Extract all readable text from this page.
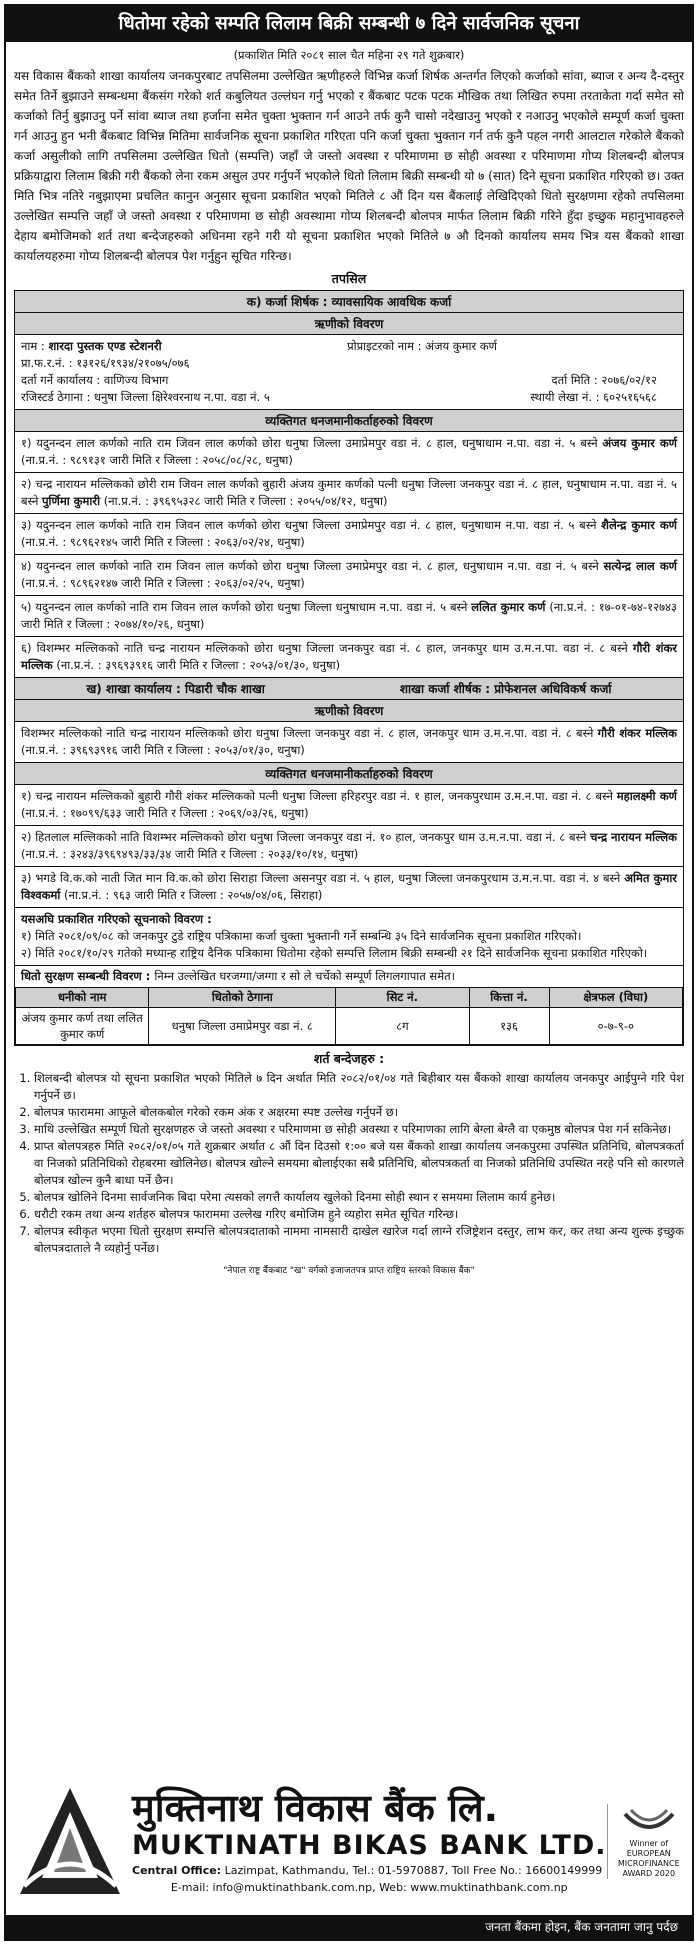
धितोमा रहेको सम्पति लिलाम बिक्री सम्बन्धी ७ दिने सार्वजनिक सूचना
(प्रकाशित मिति २०८१ साल चैत महिना २९ गते शुक्रबार)
यस विकास बैंकको शाखा कार्यालय जनकपुरबाट तपसिलमा उल्लेखित ऋणीहरुले विभिन्न कर्जा शिर्षक अन्तर्गत लिएको कर्जाको सांवा, ब्याज र अन्य दै-दस्तुर समेत तिर्ने बुझाउने सम्बन्धमा बैंकसंग गरेको शर्त कबुलियत उल्लंघन गर्नु भएको र बैंकबाट पटक पटक मौखिक तथा लिखित रुपमा तरताकेता गर्दा समेत सो कर्जाको तिर्नु बुझाउनु पर्ने सांवा ब्याज तथा हर्जाना समेत चुक्ता भुक्तान गर्न आउने तर्फ कुनै चासो नदेखाउनु भएको र नआउनु भएकोले सम्पूर्ण कर्जा चुक्ता गर्न आउनु हुन भनी बैंकबाट विभिन्न मितिमा सार्वजनिक सूचना प्रकाशित गरिएता पनि कर्जा चुक्ता भुक्तान गर्न तर्फ कुनै पहल नगरी आलटाल गरेकोले बैंकको कर्जा असुलीको लागि तपसिलमा उल्लेखित धितो (सम्पत्ति) जहाँ जे जस्तो अवस्था र परिमाणमा छ सोही अवस्था र परिमाणमा गोप्य शिलबन्दी बोलपत्र प्रक्रियाद्वारा लिलाम बिक्री गरी बैंकको लेना रकम असुल उपर गर्नुपर्ने भएकोले धितो लिलाम बिक्री सम्बन्धी यो ७ (सात) दिने सूचना प्रकाशित गरिएको छ। उक्त मिति भित्र नतिरे नबुझाएमा प्रचलित कानुन अनुसार सूचना प्रकाशित भएको मितिले ८ औं दिन यस बैंकलाई लेखिदिएको धितो सुरक्षणमा रहेको तपसिलमा उल्लेखित सम्पत्ति जहाँ जे जस्तो अवस्था र परिमाणमा छ सोही अवस्थामा गोप्य शिलबन्दी बोलपत्र मार्फत लिलाम बिक्री गरिने हुँदा इच्छुक महानुभावहरुले देहाय बमोजिमको शर्त तथा बन्देजहरुको अधिनमा रहने गरी यो सूचना प्रकाशित भएको मितिले ७ औ दिनको कार्यालय समय भित्र यस बैंकको शाखा कार्यालयहरुमा गोप्य शिलबन्दी बोलपत्र पेश गर्नुहुन सूचित गरिन्छ।
तपसिल
क) कर्जा शिर्षक : व्यावसायिक आवधिक कर्जा
ऋणीको विवरण
नाम : शारदा पुस्तक एण्ड स्टेशनरी	प्रोप्राइटरको नाम : अंजय कुमार कर्ण
प्रा.फ.र.नं. : १३१२६/१९३४/२१०७५/०७६
दर्ता गर्ने कार्यालय : वाणिज्य विभाग	दर्ता मिति : २०७६/०२/१२
रजिस्टर्ड ठेगाना : धनुषा जिल्ला क्षिरेश्वरनाथ न.पा. वडा नं. ५	स्थायी लेखा नं. : ६०२५१६५६८
व्यक्तिगत धनजमानीकर्ताहरुको विवरण
१) यदुनन्दन लाल कर्णको नाति राम जिवन लाल कर्णको छोरा धनुषा जिल्ला उमाप्रेमपुर वडा नं. ८ हाल, धनुषाधाम न.पा. वडा नं. ५ बस्ने अंजय कुमार कर्ण (ना.प्र.नं. : ९८९१३१ जारी मिति र जिल्ला : २०५८/०८/२८, धनुषा)
२) चन्द्र नारायन मल्लिकको छोरी राम जिवन लाल कर्णको बुहारी अंजय कुमार कर्णको पत्नी धनुषा जिल्ला जनकपुर वडा नं. ८ हाल, धनुषाधाम न.पा. वडा नं. ५ बस्ने पुर्णिमा कुमारी (ना.प्र.नं. : ३९६९५३२८ जारी मिति र जिल्ला : २०५५/०४/१२, धनुषा)
३) यदुनन्दन लाल कर्णको नाति राम जिवन लाल कर्णको छोरा धनुषा जिल्ला उमाप्रेमपुर वडा नं. ८ हाल, धनुषाधाम न.पा. वडा नं. ५ बस्ने शैलेन्द्र कुमार कर्ण (ना.प्र.नं. : ९८९६२१४५ जारी मिति र जिल्ला : २०६३/०२/२४, धनुषा)
४) यदुनन्दन लाल कर्णको नाति राम जिवन लाल कर्णको छोरा धनुषा जिल्ला उमाप्रेमपुर वडा नं. ८ हाल, धनुषाधाम न.पा. वडा नं. ५ बस्ने सत्येन्द्र लाल कर्ण (ना.प्र.नं. : ९८९६२१४७ जारी मिति र जिल्ला : २०६३/०२/२५, धनुषा)
५) यदुनन्दन लाल कर्णको नाति राम जिवन लाल कर्णको छोरा धनुषा जिल्ला धनुषाधाम न.पा. वडा नं. ५ बस्ने ललित कुमार कर्ण (ना.प्र.नं. : १७-०१-७४-१२७४३ जारी मिति र जिल्ला : २०७४/१०/२६, धनुषा)
६) विशम्भर मल्लिकको नाति चन्द्र नारायन मल्लिकको छोरा धनुषा जिल्ला जनकपुर वडा नं. ८ हाल, जनकपुर धाम उ.म.न.पा. वडा नं. ८ बस्ने गौरी शंकर मल्लिक (ना.प्र.नं. : ३९६९३९१६ जारी मिति र जिल्ला : २०५३/०१/३०, धनुषा)
ख) शाखा कार्यालय : पिडारी चौक शाखा	शाखा कर्जा शीर्षक : प्रोफेशनल अधिविकर्ष कर्जा
ऋणीको विवरण
विशम्भर मल्लिकको नाति चन्द्र नारायन मल्लिकको छोरा धनुषा जिल्ला जनकपुर वडा नं. ८ हाल, जनकपुर धाम उ.म.न.पा. वडा नं. ८ बस्ने गौरी शंकर मल्लिक (ना.प्र.नं. : ३९६९३९१६ जारी मिति र जिल्ला : २०५३/०१/३०, धनुषा)
व्यक्तिगत धनजमानीकर्ताहरुको विवरण
१) चन्द्र नारायन मल्लिकको बुहारी गौरी शंकर मल्लिकको पत्नी धनुषा जिल्ला हरिहरपुर वडा नं. १ हाल, जनकपुरधाम उ.म.न.पा. वडा नं. ८ बस्ने महालक्ष्मी कर्ण (ना.प्र.नं. : १७०९९/६३३ जारी मिति र जिल्ला : २०६९/०३/२६, धनुषा)
२) हितलाल मल्लिकको नाति विशम्भर मल्लिकको छोरा धनुषा जिल्ला जनकपुर वडा नं. १० हाल, जनकपुर धाम उ.म.न.पा. वडा नं. ८ बस्ने चन्द्र नारायन मल्लिक (ना.प्र.नं. : ३२४३/३९६९४९३/३३/३४ जारी मिति र जिल्ला : २०३३/१०/१४, धनुषा)
३) भगडे वि.क.को नाती जित मान वि.क.को छोरा सिराहा जिल्ला असनपुर वडा नं. ५ हाल, धनुषा जिल्ला जनकपुरधाम उ.म.न.पा. वडा नं. ४ बस्ने अमित कुमार विश्वकर्मा (ना.प्र.नं. : ९६३ जारी मिति र जिल्ला : २०५७/०४/०६, सिराहा)
यसअघि प्रकाशित गरिएको सूचनाको विवरण :
१) मिति २०८१/०९/०८ को जनकपुर टुडे राष्ट्रिय पत्रिकामा कर्जा चुक्ता भुक्तानी गर्ने सम्बन्धि ३५ दिने सार्वजनिक सूचना प्रकाशित गरिएको।
२) मिति २०८१/१०/२९ गतेको मध्यान्ह राष्ट्रिय दैनिक पत्रिकामा धितोमा रहेको सम्पत्ति लिलाम बिक्री सम्बन्धी २१ दिने सार्वजनिक सूचना प्रकाशित गरिएको।
धितो सुरक्षण सम्बन्धी विवरण : निम्न उल्लेखित घरजग्गा/जग्गा र सो ले चर्चेको सम्पूर्ण लिगलगापात समेत।
धनीको नाम	धितोको ठेगाना	सिट नं.	कित्ता नं.	क्षेत्रफल (विघा)
अंजय कुमार कर्ण तथा ललित कुमार कर्ण	धनुषा जिल्ला उमाप्रेमपुर वडा नं. ८	८ग	१३६	०-७-९-०
शर्त बन्देजहरु :
1. शिलबन्दी बोलपत्र यो सूचना प्रकाशित भएको मितिले ७ दिन अर्थात मिति २०८२/०१/०४ गते बिहीबार यस बैंकको शाखा कार्यालय जनकपुर आईपुग्ने गरि पेश गर्नुपर्ने छ।
2. बोलपत्र फाराममा आफूले बोलकबोल गरेको रकम अंक र अक्षरमा स्पष्ट उल्लेख गर्नुपर्ने छ।
3. माथि उल्लेखित सम्पूर्ण धितो सुरक्षणहरु जे जस्तो अवस्था र परिमाणमा छ सोही अवस्था र परिमाणका लागि बेग्ला बेग्लै वा एकमुष्ठ बोलपत्र पेश गर्न सकिनेछ।
4. प्राप्त बोलपत्रहरु मिति २०८२/०१/०५ गते शुक्रबार अर्थात ८ औं दिन दिउसो १:०० बजे यस बैंकको शाखा कार्यालय जनकपुरमा उपस्थित प्रतिनिधि, बोलपत्रकर्ता वा निजको प्रतिनिधिको रोहबरमा खोलिनेछ। बोलपत्र खोल्ने समयमा बोलाईएका सबै प्रतिनिधि, बोलपत्रकर्ता वा निजको प्रतिनिधि उपस्थित नरहे पनि सो कारणले बोलपत्र खोल्न कुनै बाधा पर्ने छैन।
5. बोलपत्र खोलिने दिनमा सार्वजनिक बिदा परेमा त्यसको लगत्तै कार्यालय खुलेको दिनमा सोही स्थान र समयमा लिलाम कार्य हुनेछ।
6. धरौटी रकम तथा अन्य शर्तहरु बोलपत्र फाराममा उल्लेख गरिए बमोजिम हुने व्यहोरा समेत सूचित गरिन्छ।
7. बोलपत्र स्वीकृत भएमा धितो सुरक्षण सम्पत्ति बोलपत्रदाताको नाममा नामसारी दाखेल खारेज गर्दा लाग्ने रजिष्ट्रेशन दस्तुर, लाभ कर, कर तथा अन्य शुल्क इच्छुक बोलपत्रदाताले नै व्यहोर्नु पर्नेछ।
"नेपाल राष्ट्र बैंकबाट "ख" वर्गको इजाजतपत्र प्राप्त राष्ट्रिय स्तरको विकास बैंक"
मुक्तिनाथ विकास बैंक लि.
MUKTINATH BIKAS BANK LTD.
Central Office: Lazimpat, Kathmandu, Tel.: 01-5970887, Toll Free No.: 16600149999
E-mail: info@muktinathbank.com.np, Web: www.muktinathbank.com.np
Winner of EUROPEAN MICROFINANCE AWARD 2020
जनता बैंकमा होइन, बैंक जनतामा जानु पर्दछ
